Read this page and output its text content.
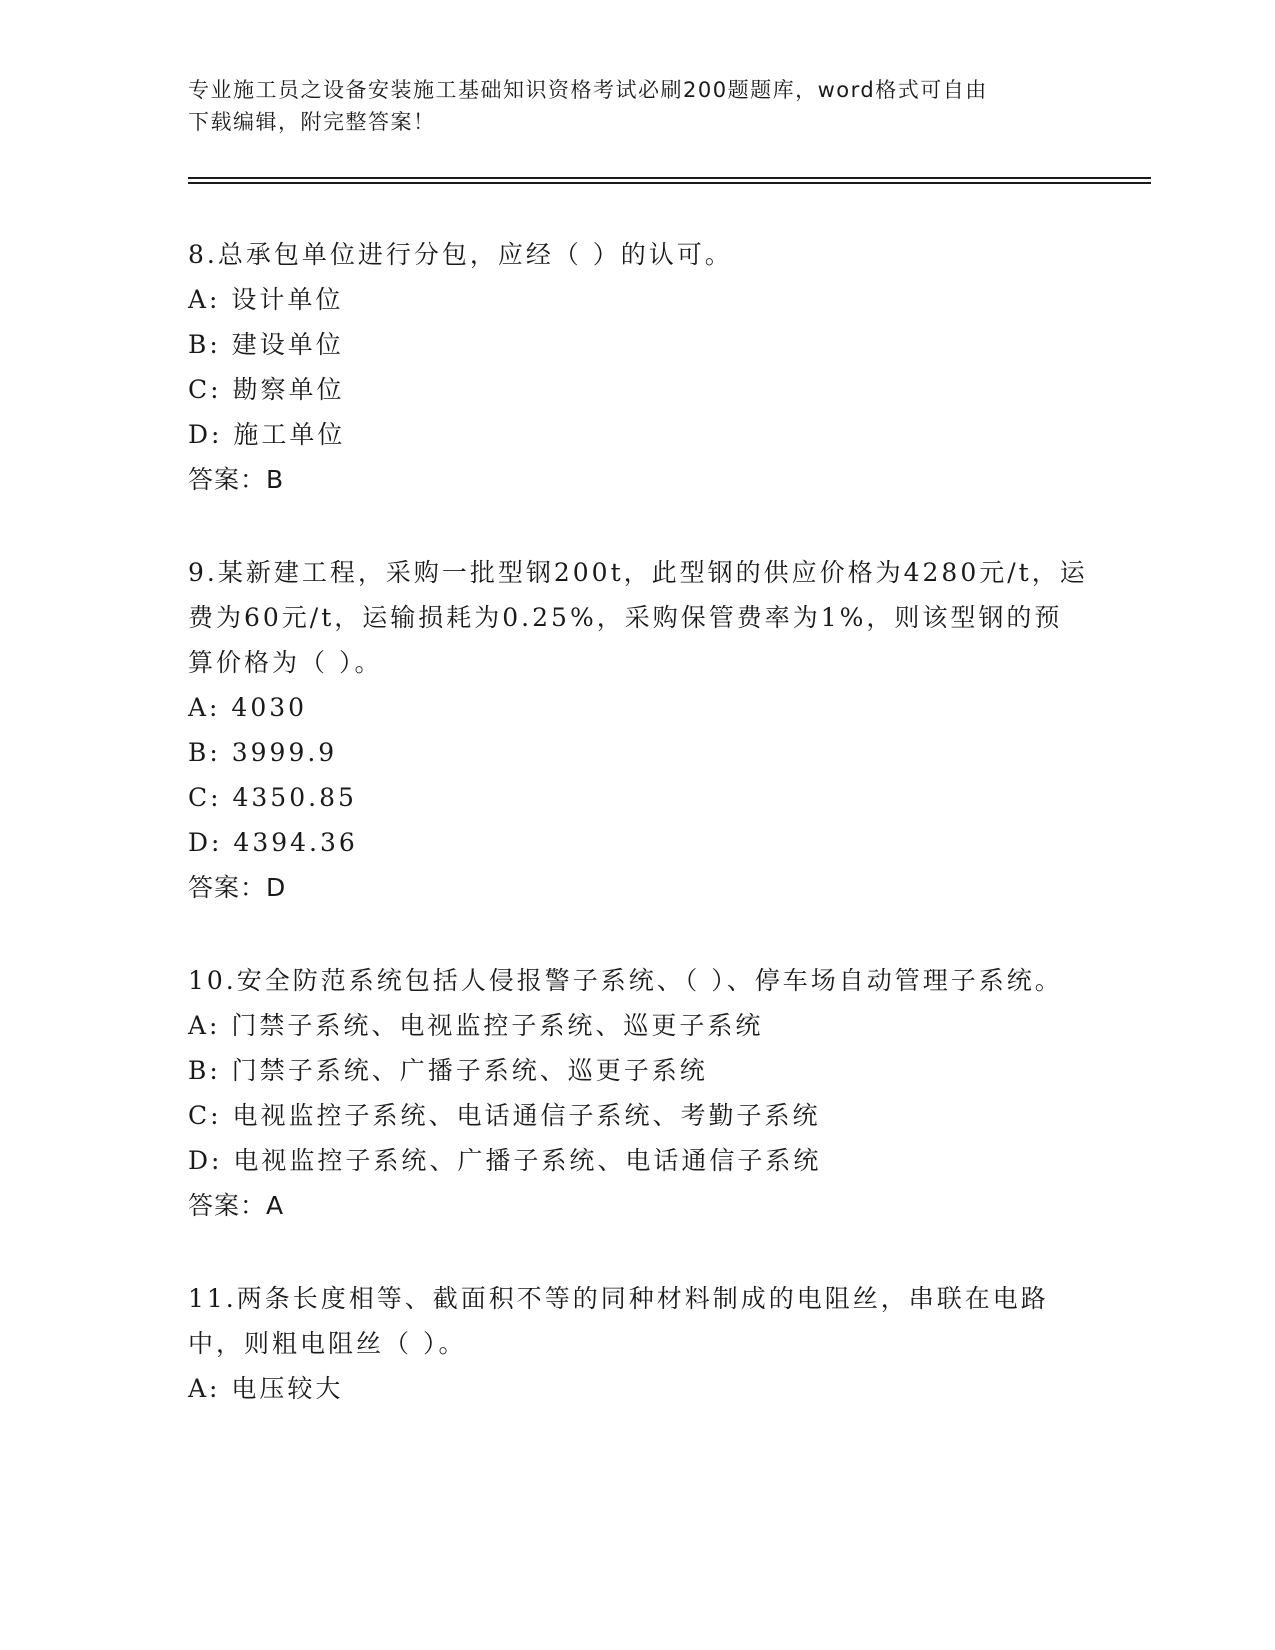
专业施工员之设备安装施工基础知识资格考试必刷200题题库，word格式可自由
下载编辑，附完整答案！

8.总承包单位进行分包，应经（ ）的认可。

A: 设计单位

B: 建设单位

C: 勘察单位

D: 施工单位

答案：B

9.某新建工程，采购一批型钢200t，此型钢的供应价格为4280元/t，运费为60元/t，运输损耗为0.25%，采购保管费率为1%，则该型钢的预算价格为（ ）。

A: 4030

B: 3999.9

C: 4350.85

D: 4394.36

答案：D

10.安全防范系统包括人侵报警子系统、（ ）、停车场自动管理子系统。

A: 门禁子系统、电视监控子系统、巡更子系统

B: 门禁子系统、广播子系统、巡更子系统

C: 电视监控子系统、电话通信子系统、考勤子系统

D: 电视监控子系统、广播子系统、电话通信子系统

答案：A

11.两条长度相等、截面积不等的同种材料制成的电阻丝，串联在电路中，则粗电阻丝（ ）。

A: 电压较大
